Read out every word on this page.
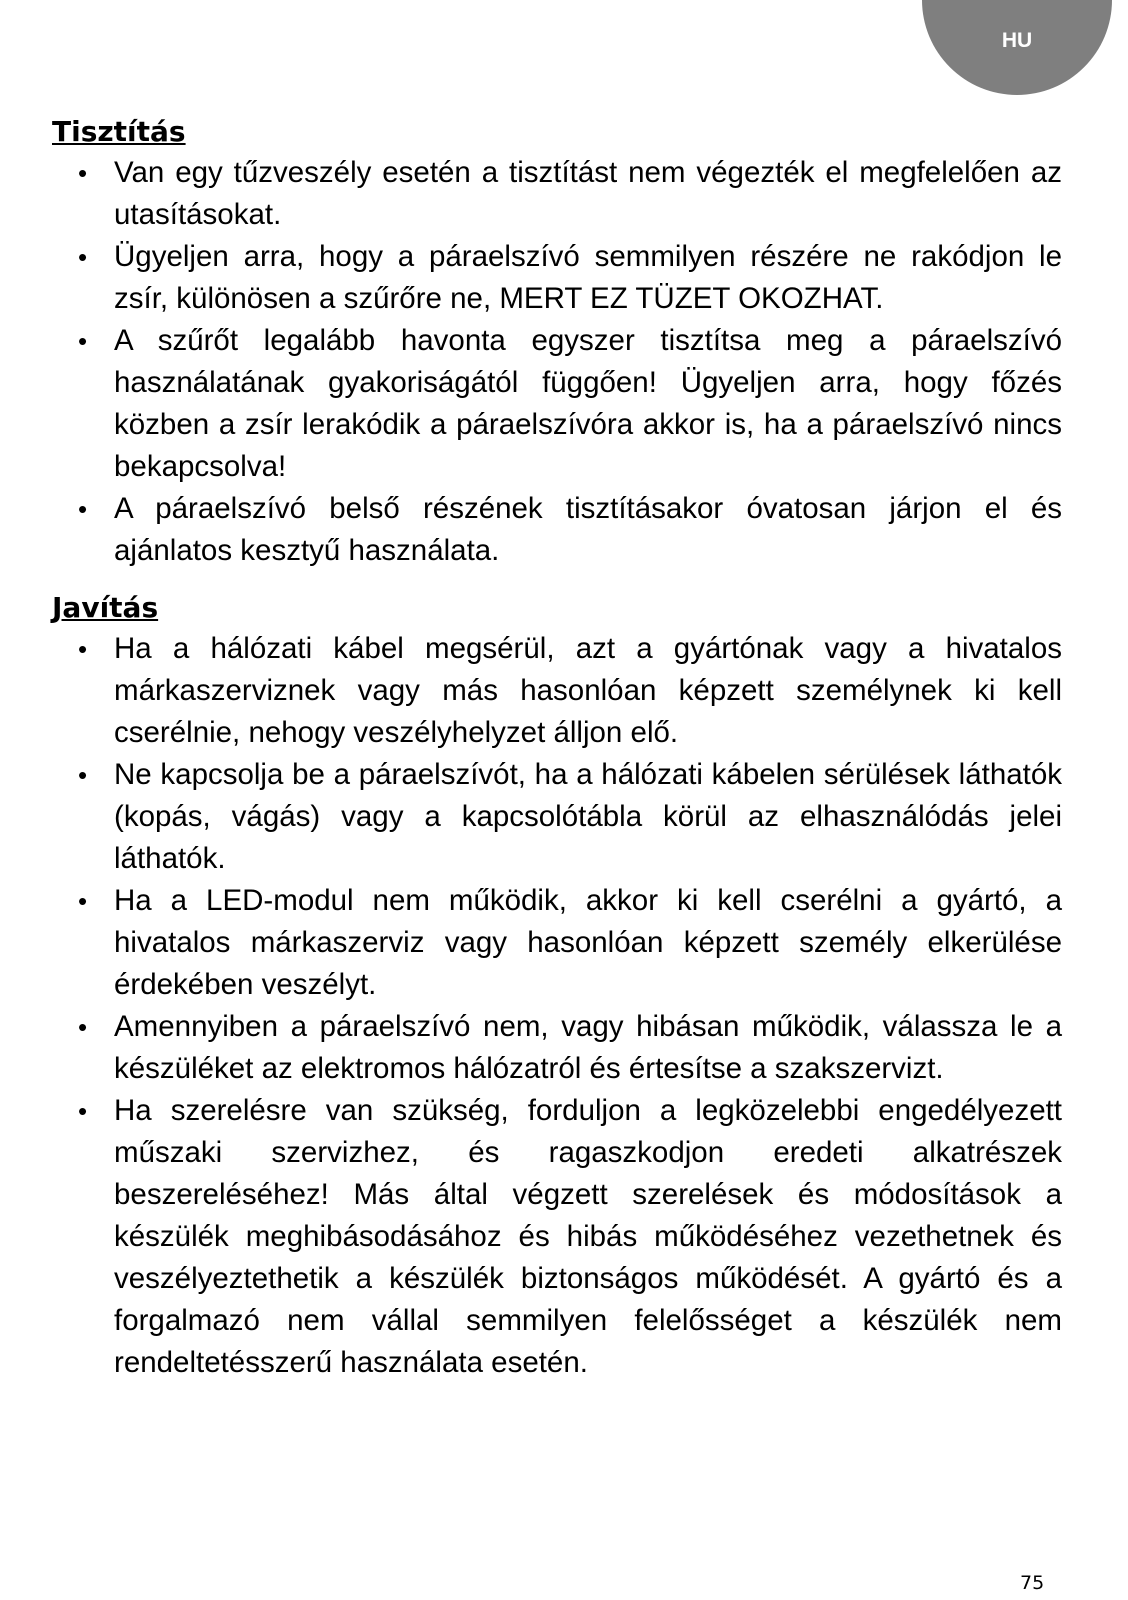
HU
Tisztítás
• Van egy tűzveszély esetén a tisztítást nem végezték el megfelelően az utasításokat.
• Ügyeljen arra, hogy a páraelszívó semmilyen részére ne rakódjon le zsír, különösen a szűrőre ne, MERT EZ TÜZET OKOZHAT.
• A szűrőt legalább havonta egyszer tisztítsa meg a páraelszívó használatának gyakoriságától függően! Ügyeljen arra, hogy főzés közben a zsír lerakódik a páraelszívóra akkor is, ha a páraelszívó nincs bekapcsolva!
• A páraelszívó belső részének tisztításakor óvatosan járjon el és ajánlatos kesztyű használata.
Javítás
• Ha a hálózati kábel megsérül, azt a gyártónak vagy a hivatalos márkaszerviznek vagy más hasonlóan képzett személynek ki kell cserélnie, nehogy veszélyhelyzet álljon elő.
• Ne kapcsolja be a páraelszívót, ha a hálózati kábelen sérülések láthatók (kopás, vágás) vagy a kapcsolótábla körül az elhasználódás jelei láthatók.
• Ha a LED-modul nem működik, akkor ki kell cserélni a gyártó, a hivatalos márkaszerviz vagy hasonlóan képzett személy elkerülése érdekében veszélyt.
• Amennyiben a páraelszívó nem, vagy hibásan működik, válassza le a készüléket az elektromos hálózatról és értesítse a szakszervizt.
• Ha szerelésre van szükség, forduljon a legközelebbi engedélyezett műszaki szervizhez, és ragaszkodjon eredeti alkatrészek beszereléséhez! Más által végzett szerelések és módosítások a készülék meghibásodásához és hibás működéséhez vezethetnek és veszélyeztethetik a készülék biztonságos működését. A gyártó és a forgalmazó nem vállal semmilyen felelősséget a készülék nem rendeltetésszerű használata esetén.
75
